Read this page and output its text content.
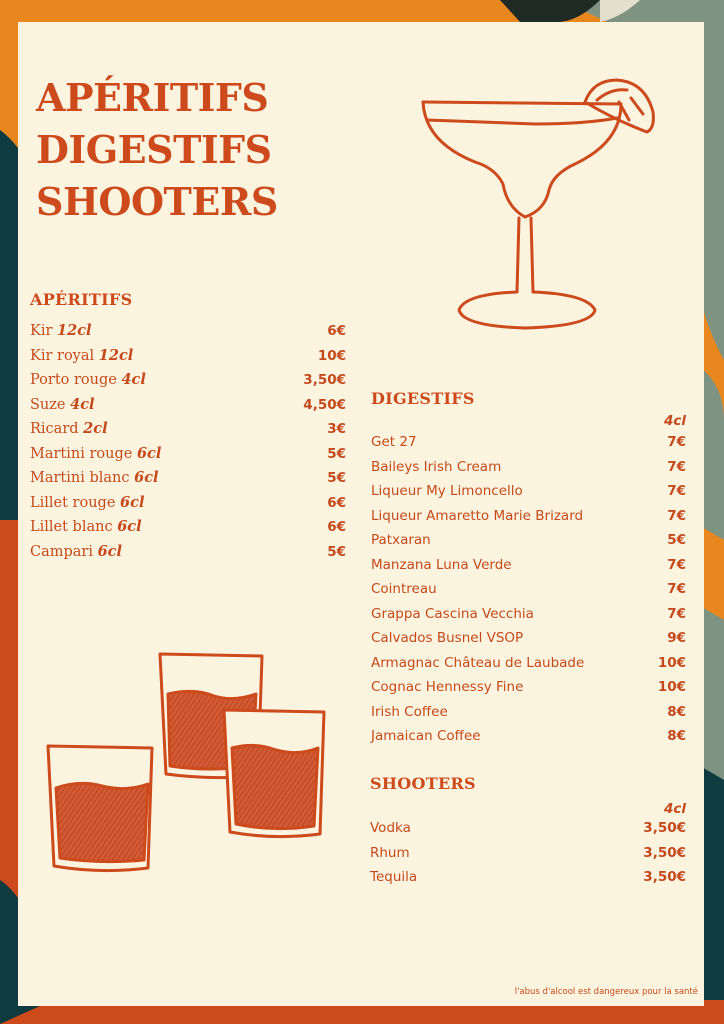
APÉRITIFS
DIGESTIFS
SHOOTERS
APÉRITIFS
Kir 12cl	6€
Kir royal 12cl	10€
Porto rouge 4cl	3,50€
Suze 4cl	4,50€
Ricard 2cl	3€
Martini rouge 6cl	5€
Martini blanc 6cl	5€
Lillet rouge 6cl	6€
Lillet blanc 6cl	6€
Campari 6cl	5€
DIGESTIFS
4cl
Get 27	7€
Baileys Irish Cream	7€
Liqueur My Limoncello	7€
Liqueur Amaretto Marie Brizard	7€
Patxaran	5€
Manzana Luna Verde	7€
Cointreau	7€
Grappa Cascina Vecchia	7€
Calvados Busnel VSOP	9€
Armagnac Château de Laubade	10€
Cognac Hennessy Fine	10€
Irish Coffee	8€
Jamaican Coffee	8€
SHOOTERS
4cl
Vodka	3,50€
Rhum	3,50€
Tequila	3,50€
l'abus d'alcool est dangereux pour la santé
